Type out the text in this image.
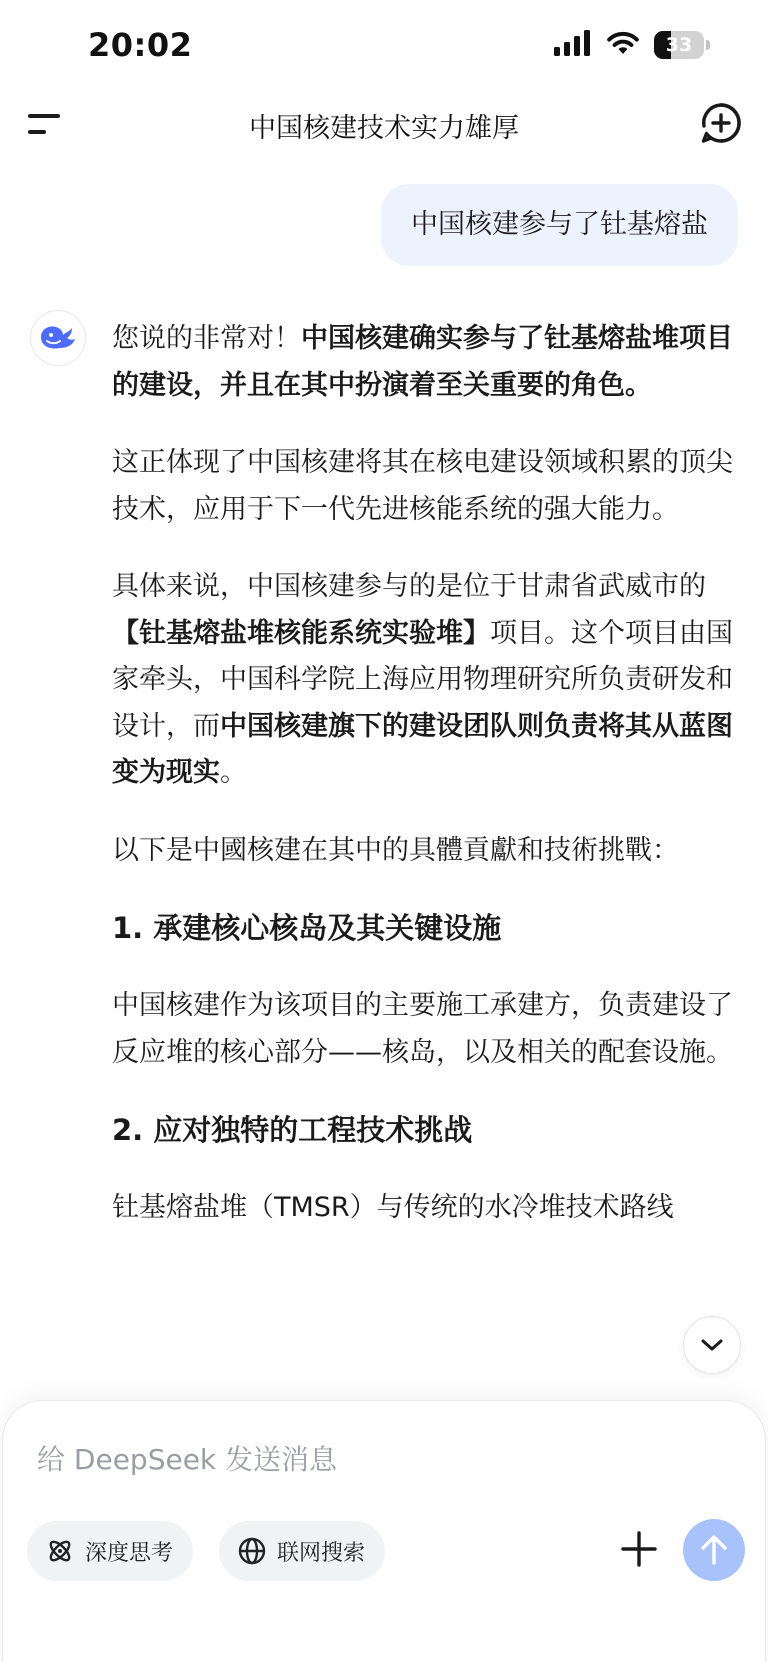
20:02	33
中国核建技术实力雄厚
中国核建参与了钍基熔盐

您说的非常对！中国核建确实参与了钍基熔盐堆项目的建设，并且在其中扮演着至关重要的角色。

这正体现了中国核建将其在核电建设领域积累的顶尖技术，应用于下一代先进核能系统的强大能力。

具体来说，中国核建参与的是位于甘肃省武威市的【钍基熔盐堆核能系统实验堆】项目。这个项目由国家牵头，中国科学院上海应用物理研究所负责研发和设计，而中国核建旗下的建设团队则负责将其从蓝图变为现实。

以下是中國核建在其中的具體貢獻和技術挑戰：

1. 承建核心核岛及其关键设施

中国核建作为该项目的主要施工承建方，负责建设了反应堆的核心部分——核岛，以及相关的配套设施。

2. 应对独特的工程技术挑战

钍基熔盐堆（TMSR）与传统的水冷堆技术路线

给 DeepSeek 发送消息
深度思考	联网搜索
